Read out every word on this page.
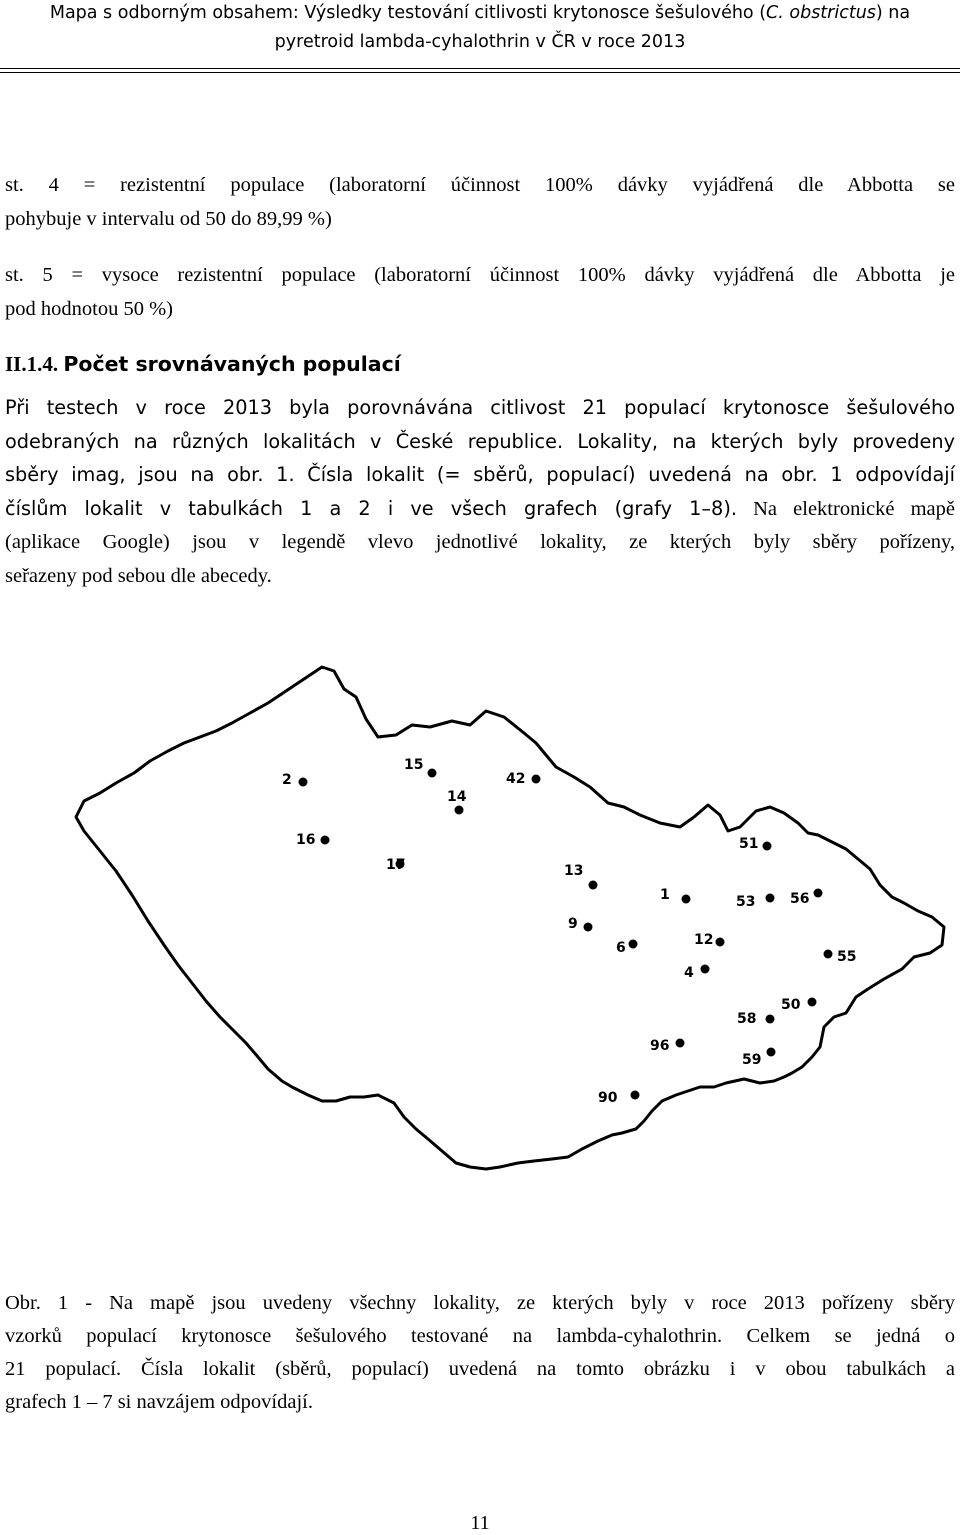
Mapa s odborným obsahem: Výsledky testování citlivosti krytonosce šešulového (C. obstrictus) na
pyretroid lambda-cyhalothrin v ČR v roce 2013
st. 4 = rezistentní populace (laboratorní účinnost 100% dávky vyjádřená dle Abbotta se
pohybuje v intervalu od 50 do 89,99 %)
st. 5 = vysoce rezistentní populace (laboratorní účinnost 100% dávky vyjádřená dle Abbotta je
pod hodnotou 50 %)
II.1.4. Počet srovnávaných populací
Při testech v roce 2013 byla porovnávána citlivost 21 populací krytonosce šešulového
odebraných na různých lokalitách v České republice. Lokality, na kterých byly provedeny
sběry imag, jsou na obr. 1. Čísla lokalit (= sběrů, populací) uvedená na obr. 1 odpovídají
číslům lokalit v tabulkách 1 a 2 i ve všech grafech (grafy 1–8). Na elektronické mapě
(aplikace Google) jsou v legendě vlevo jednotlivé lokality, ze kterých byly sběry pořízeny,
seřazeny pod sebou dle abecedy.
2
15
42
14
16
17
51
13
1	53 56
9
6	12
55
4
50
58
96
59
90
Obr. 1 - Na mapě jsou uvedeny všechny lokality, ze kterých byly v roce 2013 pořízeny sběry
vzorků populací krytonosce šešulového testované na lambda-cyhalothrin. Celkem se jedná o
21 populací. Čísla lokalit (sběrů, populací) uvedená na tomto obrázku i v obou tabulkách a
grafech 1 – 7 si navzájem odpovídají.
11
